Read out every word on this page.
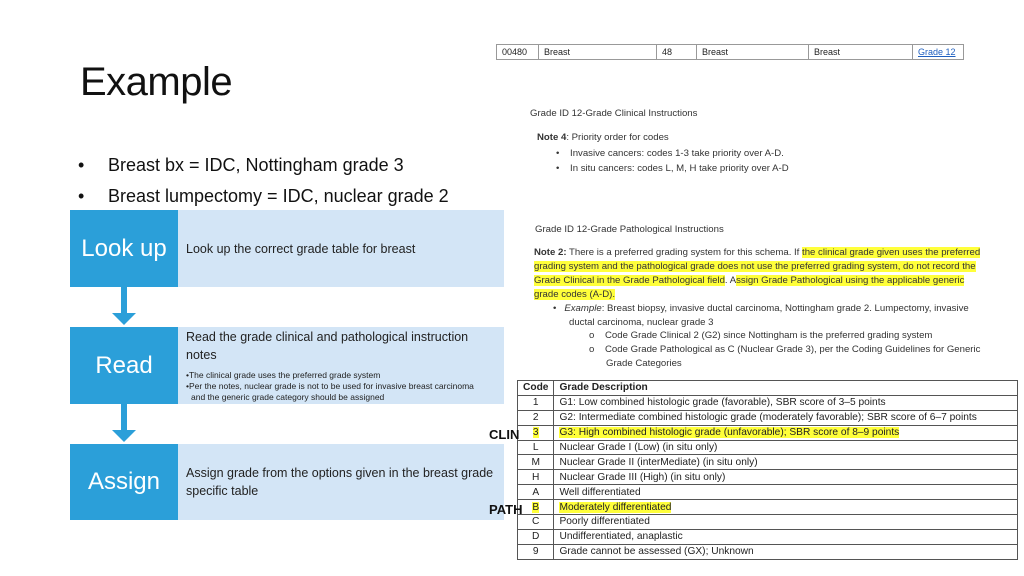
Example
• Breast bx = IDC, Nottingham grade 3
• Breast lumpectomy = IDC, nuclear grade 2
Look up	Look up the correct grade table for breast
Read
Read the grade clinical and pathological instruction notes
•The clinical grade uses the preferred grade system
•Per the notes, nuclear grade is not to be used for invasive breast carcinoma
and the generic grade category should be assigned
Assign	Assign grade from the options given in the breast grade specific table
00480	Breast	48	Breast	Breast	Grade 12
Grade ID 12-Grade Clinical Instructions
Note 4: Priority order for codes
•    Invasive cancers: codes 1-3 take priority over A-D.
•    In situ cancers: codes L, M, H take priority over A-D
Grade ID 12-Grade Pathological Instructions
Note 2: There is a preferred grading system for this schema. If the clinical grade given uses the preferred
grading system and the pathological grade does not use the preferred grading system, do not record the
Grade Clinical in the Grade Pathological field. Assign Grade Pathological using the applicable generic
grade codes (A-D).
•   Example: Breast biopsy, invasive ductal carcinoma, Nottingham grade 2. Lumpectomy, invasive
ductal carcinoma, nuclear grade 3
o    Code Grade Clinical 2 (G2) since Nottingham is the preferred grading system
o    Code Grade Pathological as C (Nuclear Grade 3), per the Coding Guidelines for Generic
Grade Categories
Code	Grade Description
1	G1: Low combined histologic grade (favorable), SBR score of 3–5 points
2	G2: Intermediate combined histologic grade (moderately favorable); SBR score of 6–7 points
3	G3: High combined histologic grade (unfavorable); SBR score of 8–9 points
L	Nuclear Grade I (Low) (in situ only)
M	Nuclear Grade II (interMediate) (in situ only)
H	Nuclear Grade III (High) (in situ only)
A	Well differentiated
B	Moderately differentiated
C	Poorly differentiated
D	Undifferentiated, anaplastic
9	Grade cannot be assessed (GX); Unknown
CLIN
PATH
